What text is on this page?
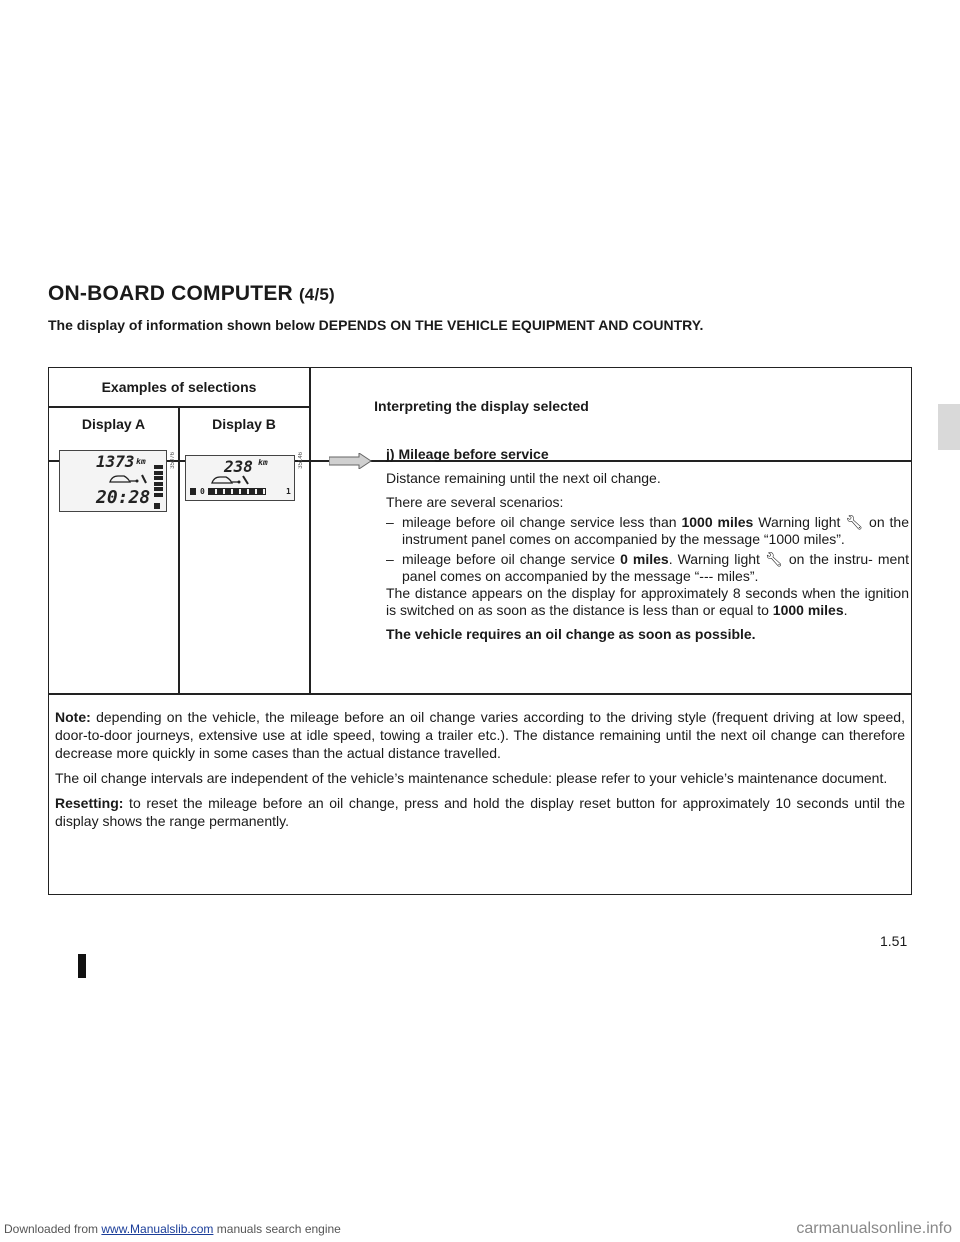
Downloaded from www.Manualslib.com manuals search engine	carmanualsonline.info
ON-BOARD COMPUTER (4/5)
The display of information shown below DEPENDS ON THE VEHICLE EQUIPMENT AND COUNTRY.
Examples of selections
Interpreting the display selected
Display A	Display B
1373 km
20:28
35076	238 km
0	1
35146	j) Mileage before service

Distance remaining until the next oil change.

There are several scenarios:

– mileage before oil change service less than 1000 miles Warning light 🔧︎ on the instrument panel comes on accompanied by the message “1000 miles”.
– mileage before oil change service 0 miles. Warning light 🔧︎ on the instru- ment panel comes on accompanied by the message “--- miles”.

The distance appears on the display for approximately 8 seconds when the ignition is switched on as soon as the distance is less than or equal to 1000 miles.

The vehicle requires an oil change as soon as possible.

Note: depending on the vehicle, the mileage before an oil change varies according to the driving style (frequent driving at low speed, door-to-door journeys, extensive use at idle speed, towing a trailer etc.). The distance remaining until the next oil change can therefore decrease more quickly in some cases than the actual distance travelled.

The oil change intervals are independent of the vehicle’s maintenance schedule: please refer to your vehicle’s maintenance document.

Resetting: to reset the mileage before an oil change, press and hold the display reset button for approximately 10 seconds until the display shows the range permanently.

1.51
